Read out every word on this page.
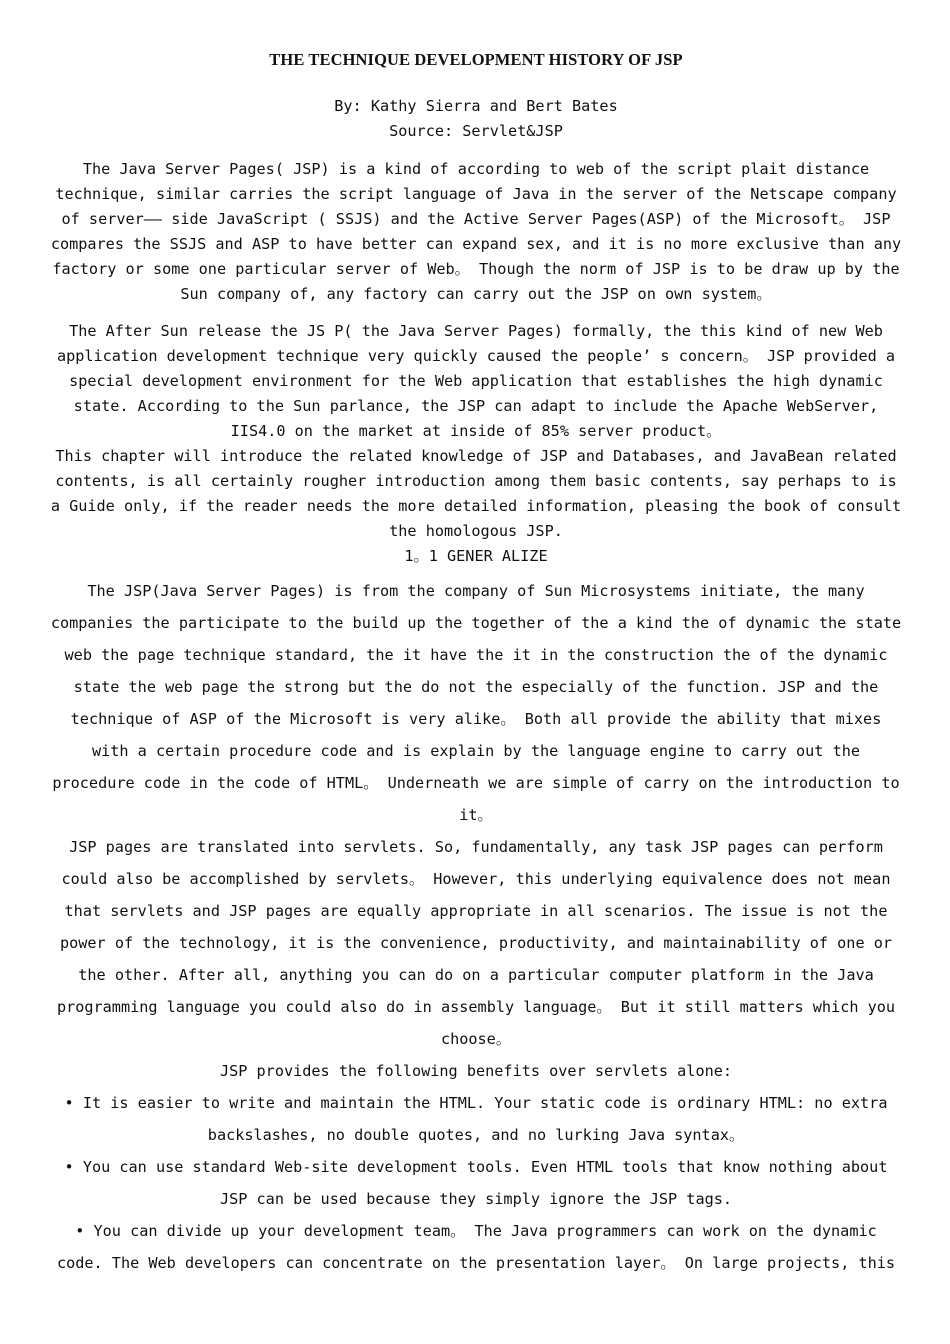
THE TECHNIQUE DEVELOPMENT HISTORY OF JSP

By: Kathy Sierra and Bert Bates
Source: Servlet&JSP

The Java Server Pages( JSP) is a kind of according to web of the script plait distance technique, similar carries the script language of Java in the server of the Netscape company of server—— side JavaScript ( SSJS) and the Active Server Pages(ASP) of the Microsoft。 JSP compares the SSJS and ASP to have better can expand sex, and it is no more exclusive than any factory or some one particular server of Web。 Though the norm of JSP is to be draw up by the Sun company of, any factory can carry out the JSP on own system。

The After Sun release the JS P( the Java Server Pages) formally, the this kind of new Web application development technique very quickly caused the people’ s concern。 JSP provided a special development environment for the Web application that establishes the high dynamic state. According to the Sun parlance, the JSP can adapt to include the Apache WebServer, IIS4.0 on the market at inside of 85% server product。

This chapter will introduce the related knowledge of JSP and Databases, and JavaBean related contents, is all certainly rougher introduction among them basic contents, say perhaps to is a Guide only, if the reader needs the more detailed information, pleasing the book of consult the homologous JSP.

1。1 GENER ALIZE

The JSP(Java Server Pages) is from the company of Sun Microsystems initiate, the many companies the participate to the build up the together of the a kind the of dynamic the state web the page technique standard, the it have the it in the construction the of the dynamic state the web page the strong but the do not the especially of the function. JSP and the technique of ASP of the Microsoft is very alike。 Both all provide the ability that mixes with a certain procedure code and is explain by the language engine to carry out the procedure code in the code of HTML。 Underneath we are simple of carry on the introduction to it。

JSP pages are translated into servlets. So, fundamentally, any task JSP pages can perform could also be accomplished by servlets。 However, this underlying equivalence does not mean that servlets and JSP pages are equally appropriate in all scenarios. The issue is not the power of the technology, it is the convenience, productivity, and maintainability of one or the other. After all, anything you can do on a particular computer platform in the Java programming language you could also do in assembly language。 But it still matters which you choose。

JSP provides the following benefits over servlets alone:

• It is easier to write and maintain the HTML. Your static code is ordinary HTML: no extra backslashes, no double quotes, and no lurking Java syntax。

• You can use standard Web-site development tools. Even HTML tools that know nothing about JSP can be used because they simply ignore the JSP tags.

• You can divide up your development team。 The Java programmers can work on the dynamic code. The Web developers can concentrate on the presentation layer。 On large projects, this
